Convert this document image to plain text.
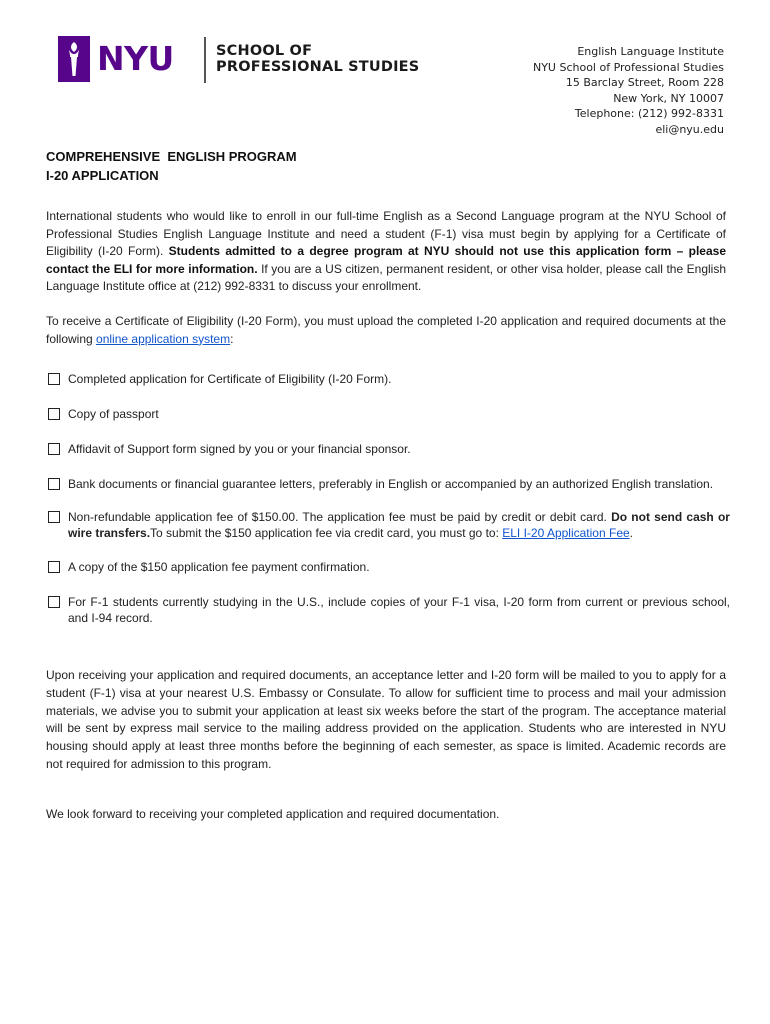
NYU	SCHOOL OF
PROFESSIONAL STUDIES
English Language Institute
NYU School of Professional Studies
15 Barclay Street, Room 228
New York, NY 10007
Telephone: (212) 992-8331
eli@nyu.edu
COMPREHENSIVE  ENGLISH PROGRAM
I-20 APPLICATION
International students who would like to enroll in our full-time English as a Second Language program at the NYU School of Professional Studies English Language Institute and need a student (F-1) visa must begin by applying for a Certificate of Eligibility (I-20 Form). Students admitted to a degree program at NYU should not use this application form – please contact the ELI for more information. If you are a US citizen, permanent resident, or other visa holder, please call the English Language Institute office at (212) 992-8331 to discuss your enrollment.
To receive a Certificate of Eligibility (I-20 Form), you must upload the completed I-20 application and required documents at the following online application system:
Completed application for Certificate of Eligibility (I-20 Form).
Copy of passport
Affidavit of Support form signed by you or your financial sponsor.
Bank documents or financial guarantee letters, preferably in English or accompanied by an authorized English translation.
Non-refundable application fee of $150.00. The application fee must be paid by credit or debit card. Do not send cash or wire transfers.To submit the $150 application fee via credit card, you must go to: ELI I-20 Application Fee.
A copy of the $150 application fee payment confirmation.
For F-1 students currently studying in the U.S., include copies of your F-1 visa, I-20 form from current or previous school, and I-94 record.
Upon receiving your application and required documents, an acceptance letter and I-20 form will be mailed to you to apply for a student (F-1) visa at your nearest U.S. Embassy or Consulate. To allow for sufficient time to process and mail your admission materials, we advise you to submit your application at least six weeks before the start of the program. The acceptance material will be sent by express mail service to the mailing address provided on the application. Students who are interested in NYU housing should apply at least three months before the beginning of each semester, as space is limited. Academic records are not required for admission to this program.
We look forward to receiving your completed application and required documentation.
